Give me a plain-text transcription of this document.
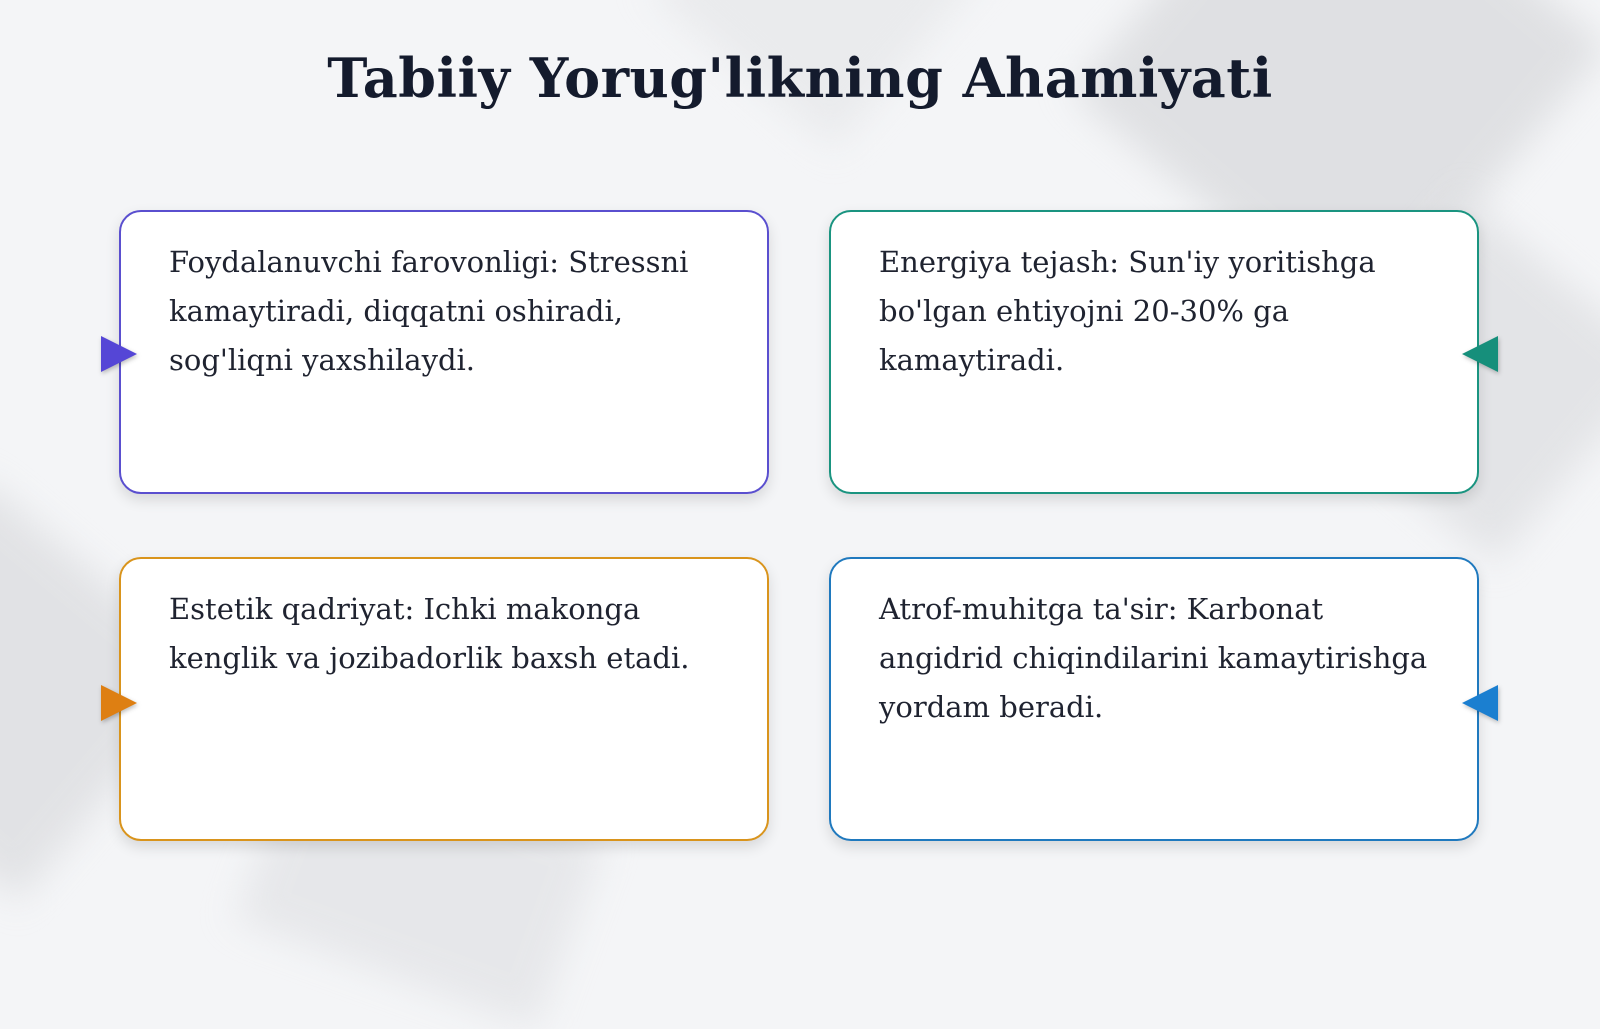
Tabiiy Yorug'likning Ahamiyati
Foydalanuvchi farovonligi: Stressni kamaytiradi, diqqatni oshiradi, sog'liqni yaxshilaydi.
Energiya tejash: Sun'iy yoritishga bo'lgan ehtiyojni 20-30% ga kamaytiradi.
Estetik qadriyat: Ichki makonga kenglik va jozibadorlik baxsh etadi.
Atrof-muhitga ta'sir: Karbonat angidrid chiqindilarini kamaytirishga yordam beradi.
